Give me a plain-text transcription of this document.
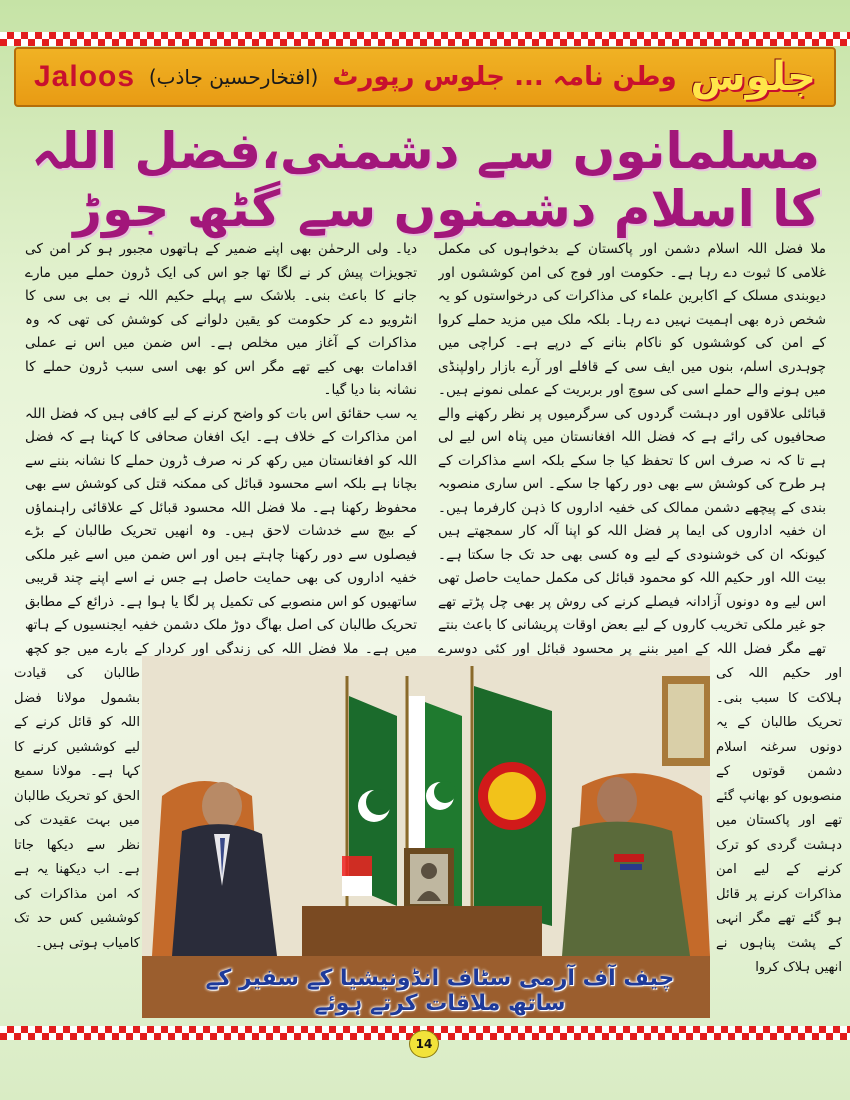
Jaloos	وطن نامہ ... جلوس رپورٹ
(افتخارحسین جاذب)	جلوس
مسلمانوں سے دشمنی،فضل اللہ کا اسلام دشمنوں سے گٹھ جوڑ

ملا فضل اللہ اسلام دشمن اور پاکستان کے بدخواہوں کی مکمل غلامی کا ثبوت دے رہا ہے۔ حکومت اور فوج کی امن کوششوں اور دیوبندی مسلک کے اکابرین علماء کی مذاکرات کی درخواستوں کو یہ شخص ذرہ بھی اہمیت نہیں دے رہا۔ بلکہ ملک میں مزید حملے کروا کے امن کی کوششوں کو ناکام بنانے کے درپے ہے۔ کراچی میں چوہدری اسلم، بنوں میں ایف سی کے قافلے اور آرے بازار راولپنڈی میں ہونے والے حملے اسی کی سوچ اور بربریت کے عملی نمونے ہیں۔ قبائلی علاقوں اور دہشت گردوں کی سرگرمیوں پر نظر رکھنے والے صحافیوں کی رائے ہے کہ فضل اللہ افغانستان میں پناہ اس لیے لی ہے تا کہ نہ صرف اس کا تحفظ کیا جا سکے بلکہ اسے مذاکرات کے ہر طرح کی کوشش سے بھی دور رکھا جا سکے۔ اس ساری منصوبہ بندی کے پیچھے دشمن ممالک کی خفیہ اداروں کا ذہن کارفرما ہیں۔ ان خفیہ اداروں کی ایما پر فضل اللہ کو اپنا آلہ کار سمجھتے ہیں کیونکہ ان کی خوشنودی کے لیے وہ کسی بھی حد تک جا سکتا ہے۔ بیت اللہ اور حکیم اللہ کو محمود قبائل کی مکمل حمایت حاصل تھی اس لیے وہ دونوں آزادانہ فیصلے کرنے کی روش پر بھی چل پڑتے تھے جو غیر ملکی تخریب کاروں کے لیے بعض اوقات پریشانی کا باعث بنتے تھے مگر فضل اللہ کے امیر بننے پر محسود قبائل اور کئی دوسرے

دیا۔ ولی الرحمٰن بھی اپنے ضمیر کے ہاتھوں مجبور ہو کر امن کی تجویزات پیش کر نے لگا تھا جو اس کی ایک ڈرون حملے میں مارے جانے کا باعث بنی۔ بلاشک سے پہلے حکیم اللہ نے بی بی سی کا انٹرویو دے کر حکومت کو یقین دلوانے کی کوشش کی تھی کہ وہ مذاکرات کے آغاز میں مخلص ہے۔ اس ضمن میں اس نے عملی اقدامات بھی کیے تھے مگر اس کو بھی اسی سبب ڈرون حملے کا نشانہ بنا دیا گیا۔

یہ سب حقائق اس بات کو واضح کرنے کے لیے کافی ہیں کہ فضل اللہ امن مذاکرات کے خلاف ہے۔ ایک افغان صحافی کا کہنا ہے کہ فضل اللہ کو افغانستان میں رکھ کر نہ صرف ڈرون حملے کا نشانہ بننے سے بچانا ہے بلکہ اسے محسود قبائل کی ممکنہ قتل کی کوشش سے بھی محفوظ رکھنا ہے۔ ملا فضل اللہ محسود قبائل کے علاقائی راہنماؤں کے بیچ سے خدشات لاحق ہیں۔ وہ انھیں تحریک طالبان کے بڑے فیصلوں سے دور رکھنا چاہتے ہیں اور اس ضمن میں اسے غیر ملکی خفیہ اداروں کی بھی حمایت حاصل ہے جس نے اسے اپنے چند قریبی ساتھیوں کو اس منصوبے کی تکمیل پر لگا یا ہوا ہے۔ ذرائع کے مطابق تحریک طالبان کی اصل بھاگ دوڑ ملک دشمن خفیہ ایجنسیوں کے ہاتھ میں ہے۔ ملا فضل اللہ کی زندگی اور کردار کے بارے میں جو کچھ

اور حکیم اللہ کی ہلاکت کا سبب بنی۔ تحریک طالبان کے یہ دونوں سرغنہ اسلام دشمن قوتوں کے منصوبوں کو بھانپ گئے تھے اور پاکستان میں دہشت گردی کو ترک کرنے کے لیے امن مذاکرات کرنے پر قائل ہو گئے تھے مگر انہی کے پشت پناہوں نے انھیں ہلاک کروا
طالبان کی قیادت بشمول مولانا فضل اللہ کو قائل کرنے کے لیے کوششیں کرنے کا کہا ہے۔ مولانا سمیع الحق کو تحریک طالبان میں بہت عقیدت کی نظر سے دیکھا جاتا ہے۔ اب دیکھنا یہ ہے کہ امن مذاکرات کی کوششیں کس حد تک کامیاب ہوتی ہیں۔
چیف آف آرمی سٹاف انڈونیشیا کے سفیر کے ساتھ ملاقات کرتے ہوئے
14
